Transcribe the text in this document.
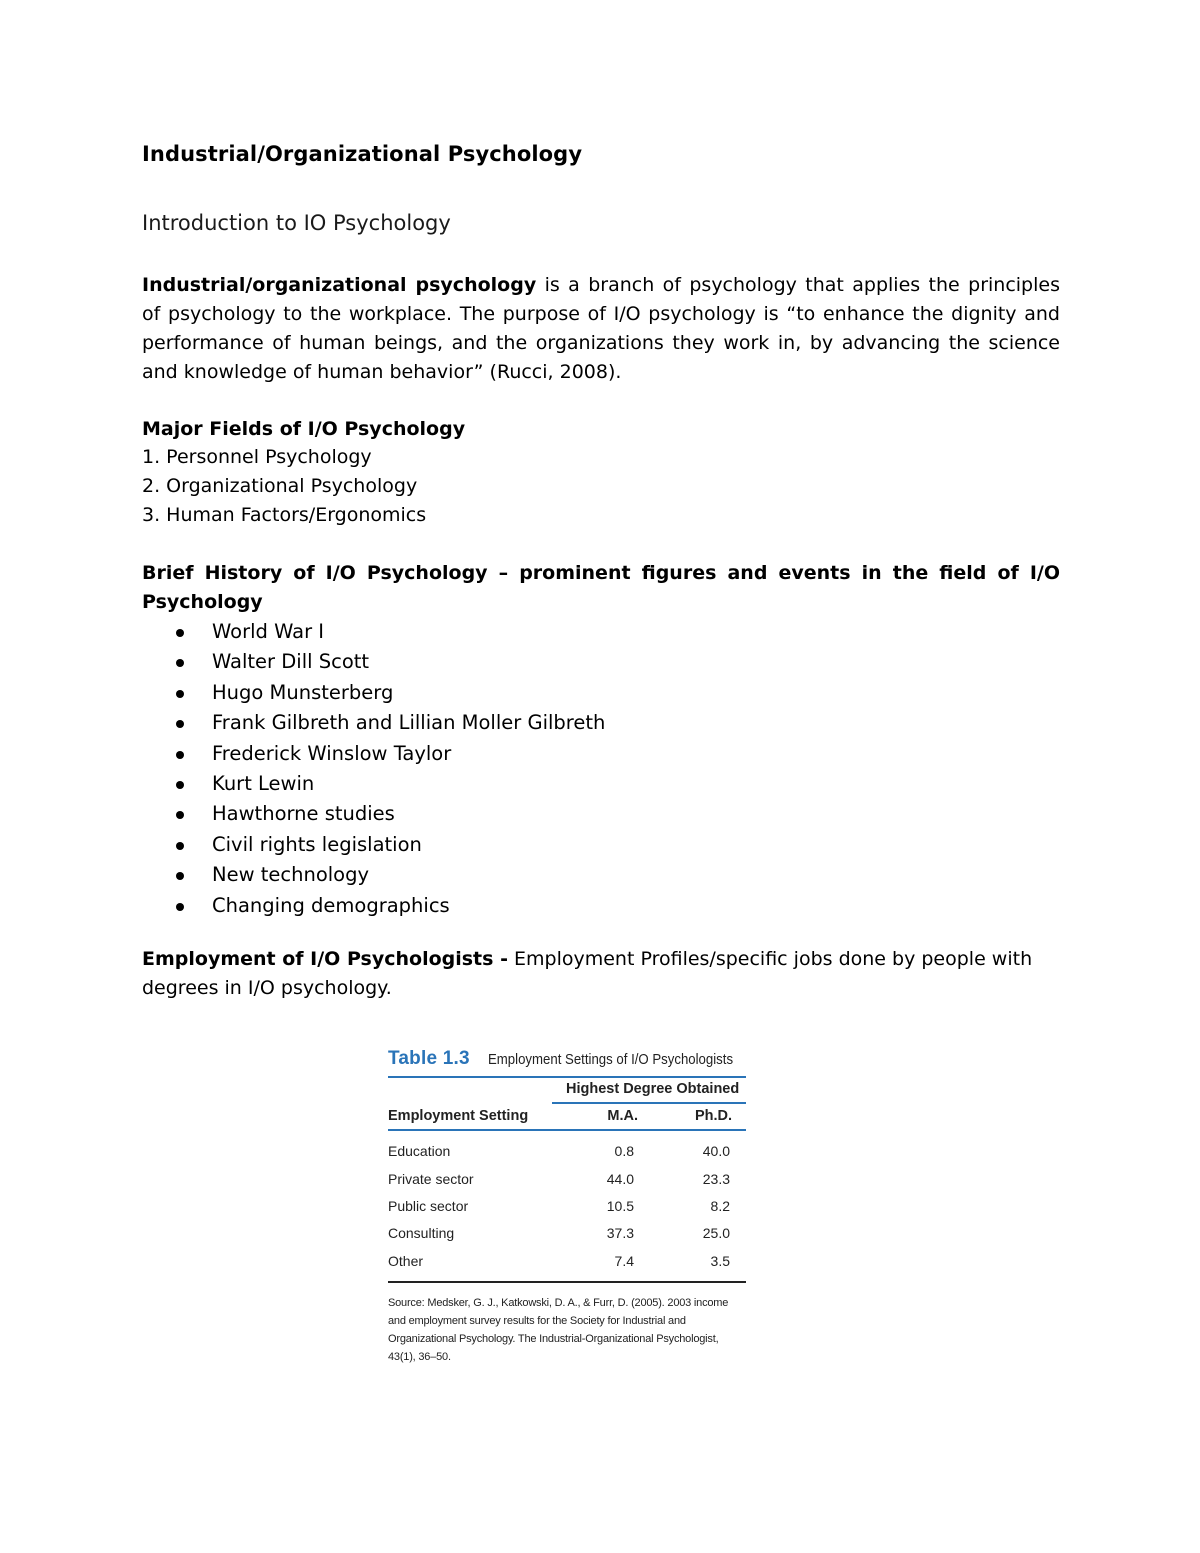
Industrial/Organizational Psychology
Introduction to IO Psychology

Industrial/organizational psychology is a branch of psychology that applies the principles of psychology to the workplace. The purpose of I/O psychology is “to enhance the dignity and performance of human beings, and the organizations they work in, by advancing the science and knowledge of human behavior” (Rucci, 2008).

Major Fields of I/O Psychology

1. Personnel Psychology
2. Organizational Psychology
3. Human Factors/Ergonomics

Brief History of I/O Psychology – prominent figures and events in the field of I/O Psychology

World War I
Walter Dill Scott
Hugo Munsterberg
Frank Gilbreth and Lillian Moller Gilbreth
Frederick Winslow Taylor
Kurt Lewin
Hawthorne studies
Civil rights legislation
New technology
Changing demographics

Employment of I/O Psychologists - Employment Profiles/specific jobs done by people with degrees in I/O psychology.

Table 1.3 Employment Settings of I/O Psychologists
Highest Degree Obtained
Employment Setting	M.A.	Ph.D.
Education	0.8	40.0
Private sector	44.0	23.3
Public sector	10.5	8.2
Consulting	37.3	25.0
Other	7.4	3.5
Source: Medsker, G. J., Katkowski, D. A., & Furr, D. (2005). 2003 income and employment survey results for the Society for Industrial and Organizational Psychology. The Industrial-Organizational Psychologist, 43(1), 36–50.
